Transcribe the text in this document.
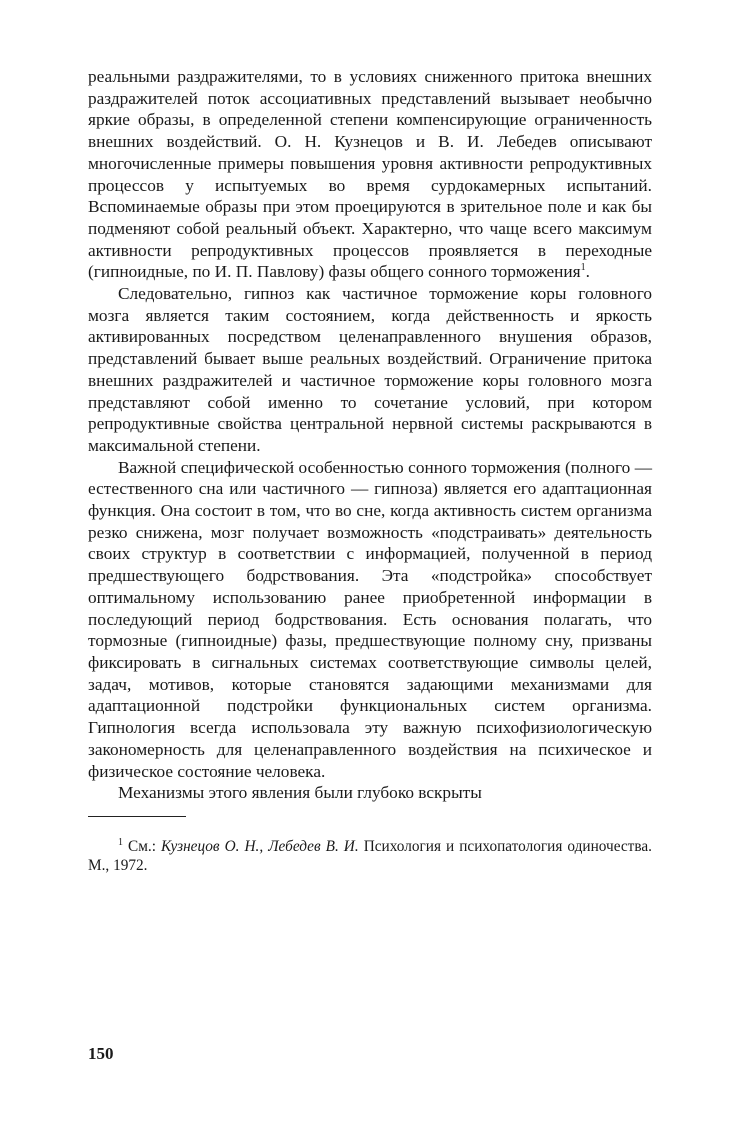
реальными раздражителями, то в условиях сниженного притока внешних раздражителей поток ассоциативных представлений вызывает необычно яркие образы, в определенной степени компенсирующие ограниченность внешних воздействий. О. Н. Кузнецов и В. И. Лебедев описывают многочисленные примеры повышения уровня активности репродуктивных процессов у испытуемых во время сурдокамерных испытаний. Вспоминаемые образы при этом проецируются в зрительное поле и как бы подменяют собой реальный объект. Характерно, что чаще всего максимум активности репродуктивных процессов проявляется в переходные (гипноидные, по И. П. Павлову) фазы общего сонного торможения$^1$.

Следовательно, гипноз как частичное торможение коры головного мозга является таким состоянием, когда действенность и яркость активированных посредством целенаправленного внушения образов, представлений бывает выше реальных воздействий. Ограничение притока внешних раздражителей и частичное торможение коры головного мозга представляют собой именно то сочетание условий, при котором репродуктивные свойства центральной нервной системы раскрываются в максимальной степени.

Важной специфической особенностью сонного торможения (полного — естественного сна или частичного — гипноза) является его адаптационная функция. Она состоит в том, что во сне, когда активность систем организма резко снижена, мозг получает возможность «подстраивать» деятельность своих структур в соответствии с информацией, полученной в период предшествующего бодрствования. Эта «подстройка» способствует оптимальному использованию ранее приобретенной информации в последующий период бодрствования. Есть основания полагать, что тормозные (гипноидные) фазы, предшествующие полному сну, призваны фиксировать в сигнальных системах соответствующие символы целей, задач, мотивов, которые становятся задающими механизмами для адаптационной подстройки функциональных систем организма. Гипнология всегда использовала эту важную психофизиологическую закономерность для целенаправленного воздействия на психическое и физическое состояние человека.

Механизмы этого явления были глубоко вскрыты

$^1$ См.: Кузнецов О. Н., Лебедев В. И. Психология и психопатология одиночества. М., 1972.

150
